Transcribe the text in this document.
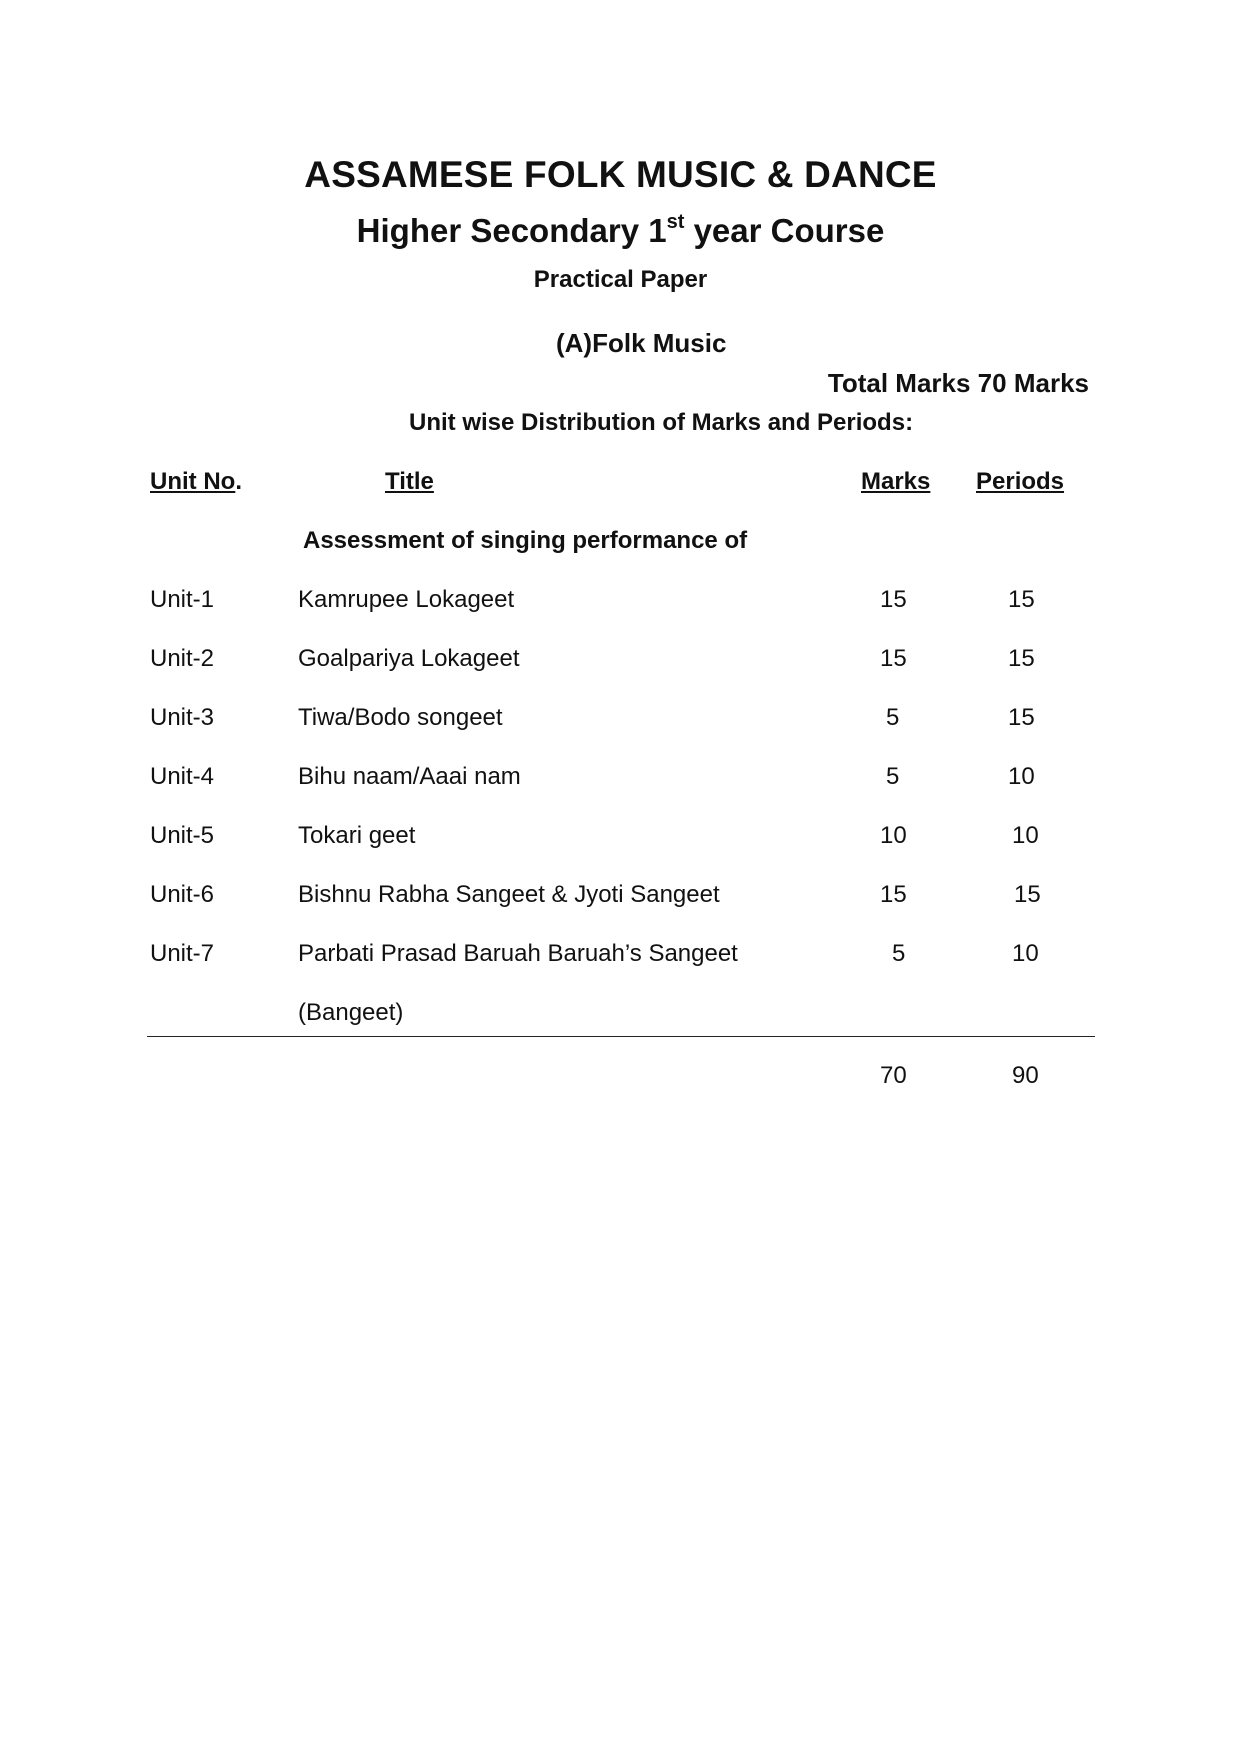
ASSAMESE FOLK MUSIC & DANCE
Higher Secondary 1st year Course
Practical Paper
(A)Folk Music
Total Marks 70 Marks
Unit wise Distribution of Marks and Periods:
Unit No.	Title	Marks Periods
Assessment of singing performance of
Unit-1	Kamrupee Lokageet	15	15
Unit-2	Goalpariya Lokageet	15	15
Unit-3	Tiwa/Bodo songeet	5	15
Unit-4	Bihu naam/Aaai nam	5	10
Unit-5	Tokari geet	10	10
Unit-6	Bishnu Rabha Sangeet & Jyoti Sangeet	15	15
Unit-7	Parbati Prasad Baruah Baruah’s Sangeet	5	10
(Bangeet)
70	90
